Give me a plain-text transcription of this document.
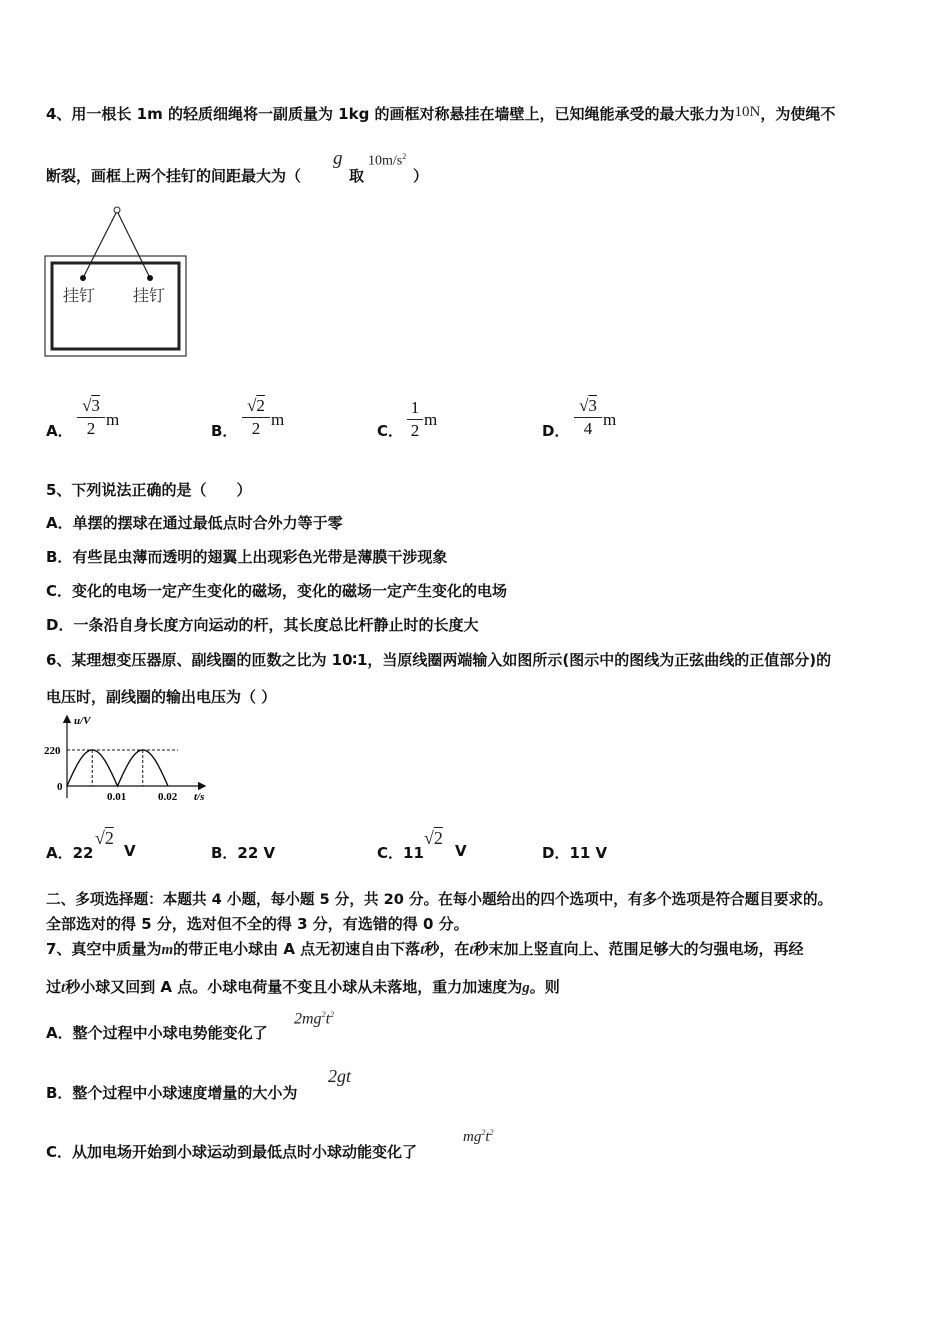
4、用一根长 1m 的轻质细绳将一副质量为 1kg 的画框对称悬挂在墙壁上，已知绳能承受的最大张力为10N，为使绳不
断裂，画框上两个挂钉的间距最大为（
g
取
$10m/s^2$
）
挂钉 挂钉
A．
√3
2 m
B．
√2
2 m
C．
1
2
m
D．
√3
4 m
5、下列说法正确的是（　　）
A．单摆的摆球在通过最低点时合外力等于零
B．有些昆虫薄而透明的翅翼上出现彩色光带是薄膜干涉现象
C．变化的电场一定产生变化的磁场，变化的磁场一定产生变化的电场
D．一条沿自身长度方向运动的杆，其长度总比杆静止时的长度大
6、某理想变压器原、副线圈的匝数之比为 10∶1，当原线圈两端输入如图所示(图示中的图线为正弦曲线的正值部分)的
电压时，副线圈的输出电压为（ ）
u/V
220
0
0.01	0.02 t/s
A．22
√2
V	B．22 V	C．11
√2
V	D．11 V
二、多项选择题：本题共 4 小题，每小题 5 分，共 20 分。在每小题给出的四个选项中，有多个选项是符合题目要求的。
全部选对的得 5 分，选对但不全的得 3 分，有选错的得 0 分。
7、真空中质量为m的带正电小球由 A 点无初速自由下落t秒，在t秒末加上竖直向上、范围足够大的匀强电场，再经
过t秒小球又回到 A 点。小球电荷量不变且小球从未落地，重力加速度为g。则
A．整个过程中小球电势能变化了
$2mg^2t^2$
B．整个过程中小球速度增量的大小为
2gt
C．从加电场开始到小球运动到最低点时小球动能变化了
$mg^2t^2$
